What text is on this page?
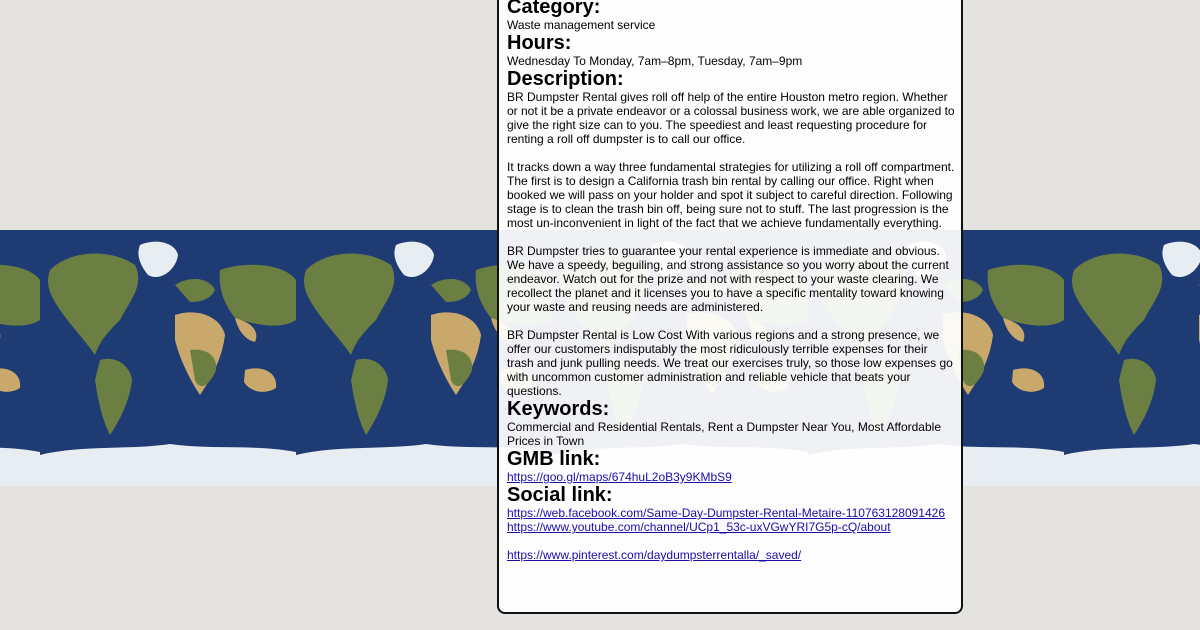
Category:
Waste management service
Hours:
Wednesday To Monday, 7am–8pm, Tuesday, 7am–9pm
Description:

BR Dumpster Rental gives roll off help of the entire Houston metro region. Whether or not it be a private endeavor or a colossal business work, we are able organized to give the right size can to you. The speediest and least requesting procedure for renting a roll off dumpster is to call our office.

It tracks down a way three fundamental strategies for utilizing a roll off compartment. The first is to design a California trash bin rental by calling our office. Right when booked we will pass on your holder and spot it subject to careful direction. Following stage is to clean the trash bin off, being sure not to stuff. The last progression is the most un-inconvenient in light of the fact that we achieve fundamentally everything.

BR Dumpster tries to guarantee your rental experience is immediate and obvious. We have a speedy, beguiling, and strong assistance so you worry about the current endeavor. Watch out for the prize and not with respect to your waste clearing. We recollect the planet and it licenses you to have a specific mentality toward knowing your waste and reusing needs are administered.

BR Dumpster Rental is Low Cost With various regions and a strong presence, we offer our customers indisputably the most ridiculously terrible expenses for their trash and junk pulling needs. We treat our exercises truly, so those low expenses go with uncommon customer administration and reliable vehicle that beats your questions.

Keywords:
Commercial and Residential Rentals, Rent a Dumpster Near You, Most Affordable Prices in Town
GMB link:
https://goo.gl/maps/674huL2oB3y9KMbS9
Social link:
https://web.facebook.com/Same-Day-Dumpster-Rental-Metaire-110763128091426
https://www.youtube.com/channel/UCp1_53c-uxVGwYRI7G5p-cQ/about
https://www.pinterest.com/daydumpsterrentalla/_saved/
